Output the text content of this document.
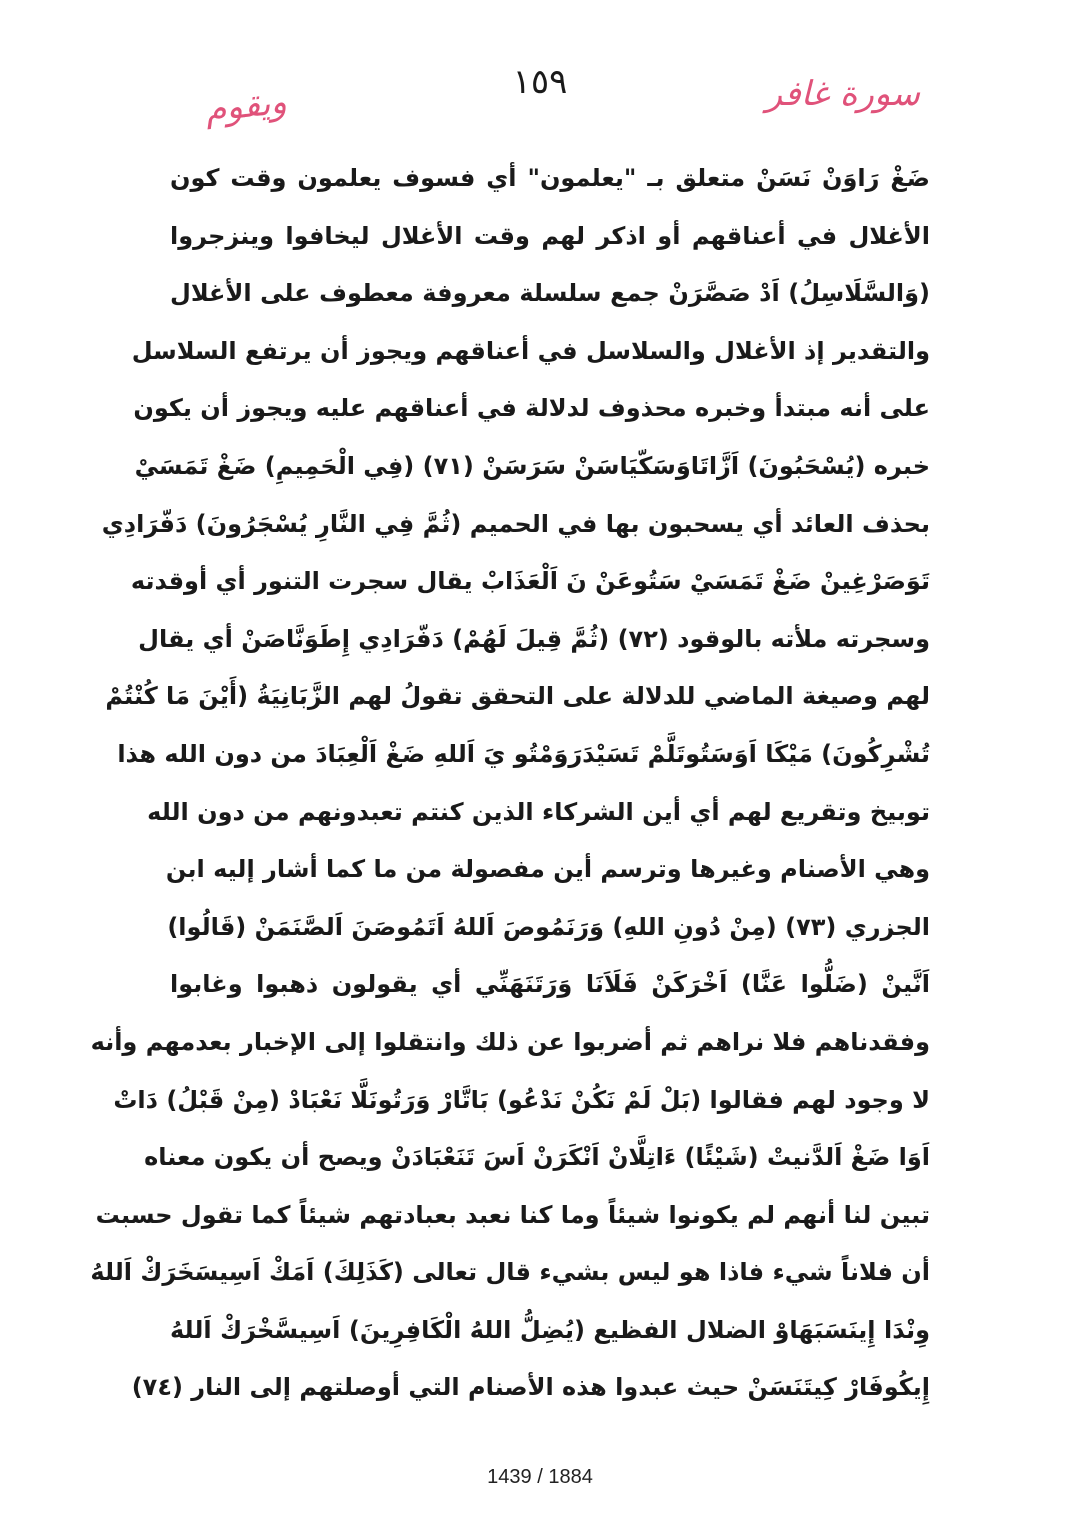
ويقوم	١٥٩	سورة غافر
ضَغْ رَاوَنْ نَسَنْ متعلق بـ "يعلمون" أي فسوف يعلمون وقت كون
الأغلال في أعناقهم أو اذكر لهم وقت الأغلال ليخافوا وينزجروا
(وَالسَّلَاسِلُ) اَدْ صَصَّرَنْ جمع سلسلة معروفة معطوف على الأغلال
والتقدير إذ الأغلال والسلاسل في أعناقهم ويجوز أن يرتفع السلاسل
على أنه مبتدأ وخبره محذوف لدلالة في أعناقهم عليه ويجوز أن يكون
خبره (يُسْحَبُونَ) اَزَّاتَاوَسَكّيَاسَنْ سَرَسَنْ (٧١) (فِي الْحَمِيمِ) ضَغْ تَمَسَيْ
بحذف العائد أي يسحبون بها في الحميم (ثُمَّ فِي النَّارِ يُسْجَرُونَ) دَفّرَادِي
تَوَصَرْغِينْ ضَغْ تَمَسَيْ سَتُوعَنْ نَ اَلْعَذَابْ يقال سجرت التنور أي أوقدته
وسجرته ملأته بالوقود (٧٢) (ثُمَّ قِيلَ لَهُمْ) دَفّرَادِي إِطَوَنَّاصَنْ أي يقال
لهم وصيغة الماضي للدلالة على التحقق تقولُ لهم الزَّبَانِيَةُ (أَيْنَ مَا كُنْتُمْ
تُشْرِكُونَ) مَيْكَا اَوَسَتُوتَلَّمْ تَسَيْدَرَوَمْتُو يَ اَللهِ ضَغْ اَلْعِبَادَ من دون الله هذا
توبيخ وتقريع لهم أي أين الشركاء الذين كنتم تعبدونهم من دون الله
وهي الأصنام وغيرها وترسم أين مفصولة من ما كما أشار إليه ابن
الجزري (٧٣) (مِنْ دُونِ اللهِ) وَرَنَمُوصَ اَللهُ اَتَمُوصَنَ اَلصَّنَمَنْ (قَالُوا)
اَنَّينْ (ضَلُّوا عَنَّا) اَخْرَكَنْ فَلَاَنَا وَرَتَنَهَنِّي أي يقولون ذهبوا وغابوا
وفقدناهم فلا نراهم ثم أضربوا عن ذلك وانتقلوا إلى الإخبار بعدمهم وأنه
لا وجود لهم فقالوا (بَلْ لَمْ نَكُنْ نَدْعُو) بَاتَّارْ وَرَتُونَلَّا نَعْبَادْ (مِنْ قَبْلُ) دَاتْ
اَوَا ضَغْ اَلدَّنيتْ (شَيْئًا) ءَاتِلَّانْ اَنْكَرَنْ اَسَ تَنَعْبَادَنْ ويصح أن يكون معناه
تبين لنا أنهم لم يكونوا شيئاً وما كنا نعبد بعبادتهم شيئاً كما تقول حسبت
أن فلاناً شيء فاذا هو ليس بشيء قال تعالى (كَذَلِكَ) اَمَكْ اَسِيسَخَرَكْ اَللهُ
وِنْدَا إِينَسَبَهَاوْ الضلال الفظيع (يُضِلُّ اللهُ الْكَافِرِينَ) اَسِيسَّخْرَكْ اَللهُ
إِيكُوفَارْ كِيتَنَسَنْ حيث عبدوا هذه الأصنام التي أوصلتهم إلى النار (٧٤)
1439 / 1884
